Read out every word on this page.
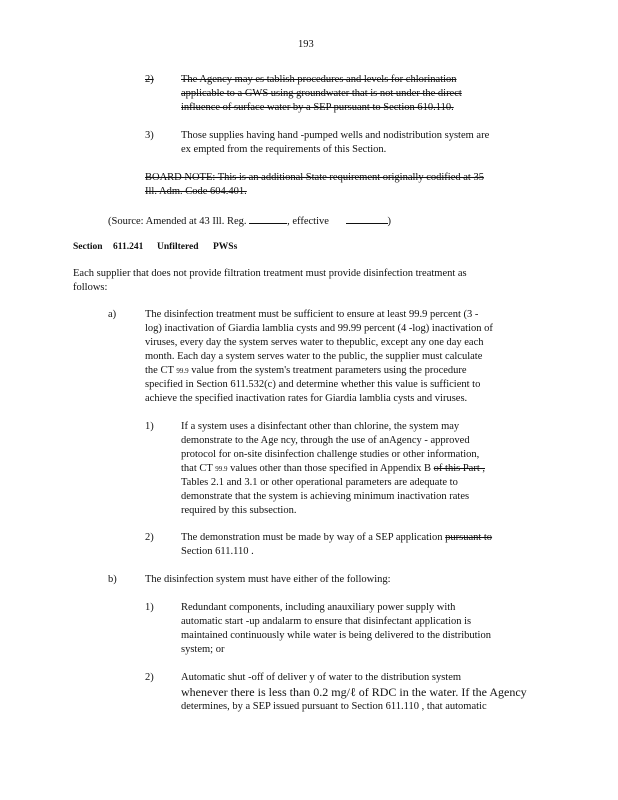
193
2)	The Agency may es tablish procedures and levels for chlorination
applicable to a GWS using groundwater that is not under the direct
influence of surface water by a SEP pursuant to Section 610.110.
3)	Those supplies having hand -pumped wells and nodistribution system are
ex empted from the requirements of this Section.
BOARD NOTE: This is an additional State requirement originally codified at 35
Ill. Adm. Code 604.401.
(Source: Amended at 43 Ill. Reg.	, effective	)
Section 611.241 Unfiltered PWSs
Each supplier that does not provide filtration treatment must provide disinfection treatment as
follows:
a)	The disinfection treatment must be sufficient to ensure at least 99.9 percent (3 -
log) inactivation of Giardia lamblia cysts and 99.99 percent (4 -log) inactivation of
viruses, every day the system serves water to thepublic, except any one day each
month. Each day a system serves water to the public, the supplier must calculate
the CT 99.9 value from the system's treatment parameters using the procedure
specified in Section 611.532(c) and determine whether this value is sufficient to
achieve the specified inactivation rates for Giardia lamblia cysts and viruses.
1)	If a system uses a disinfectant other than chlorine, the system may
demonstrate to the Age ncy, through the use of anAgency - approved
protocol for on-site disinfection challenge studies or other information,
that CT 99.9 values other than those specified in Appendix B of this Part ,
Tables 2.1 and 3.1 or other operational parameters are adequate to
demonstrate that the system is achieving minimum inactivation rates
required by this subsection.
2)	The demonstration must be made by way of a SEP application pursuant to
Section 611.110 .
b)	The disinfection system must have either of the following:
1)	Redundant components, including anauxiliary power supply with
automatic start -up andalarm to ensure that disinfectant application is
maintained continuously while water is being delivered to the distribution
system; or
2)	Automatic shut -off of deliver y of water to the distribution system
whenever there is less than 0.2 mg/ℓ of RDC in the water. If the Agency
determines, by a SEP issued pursuant to Section 611.110 , that automatic
